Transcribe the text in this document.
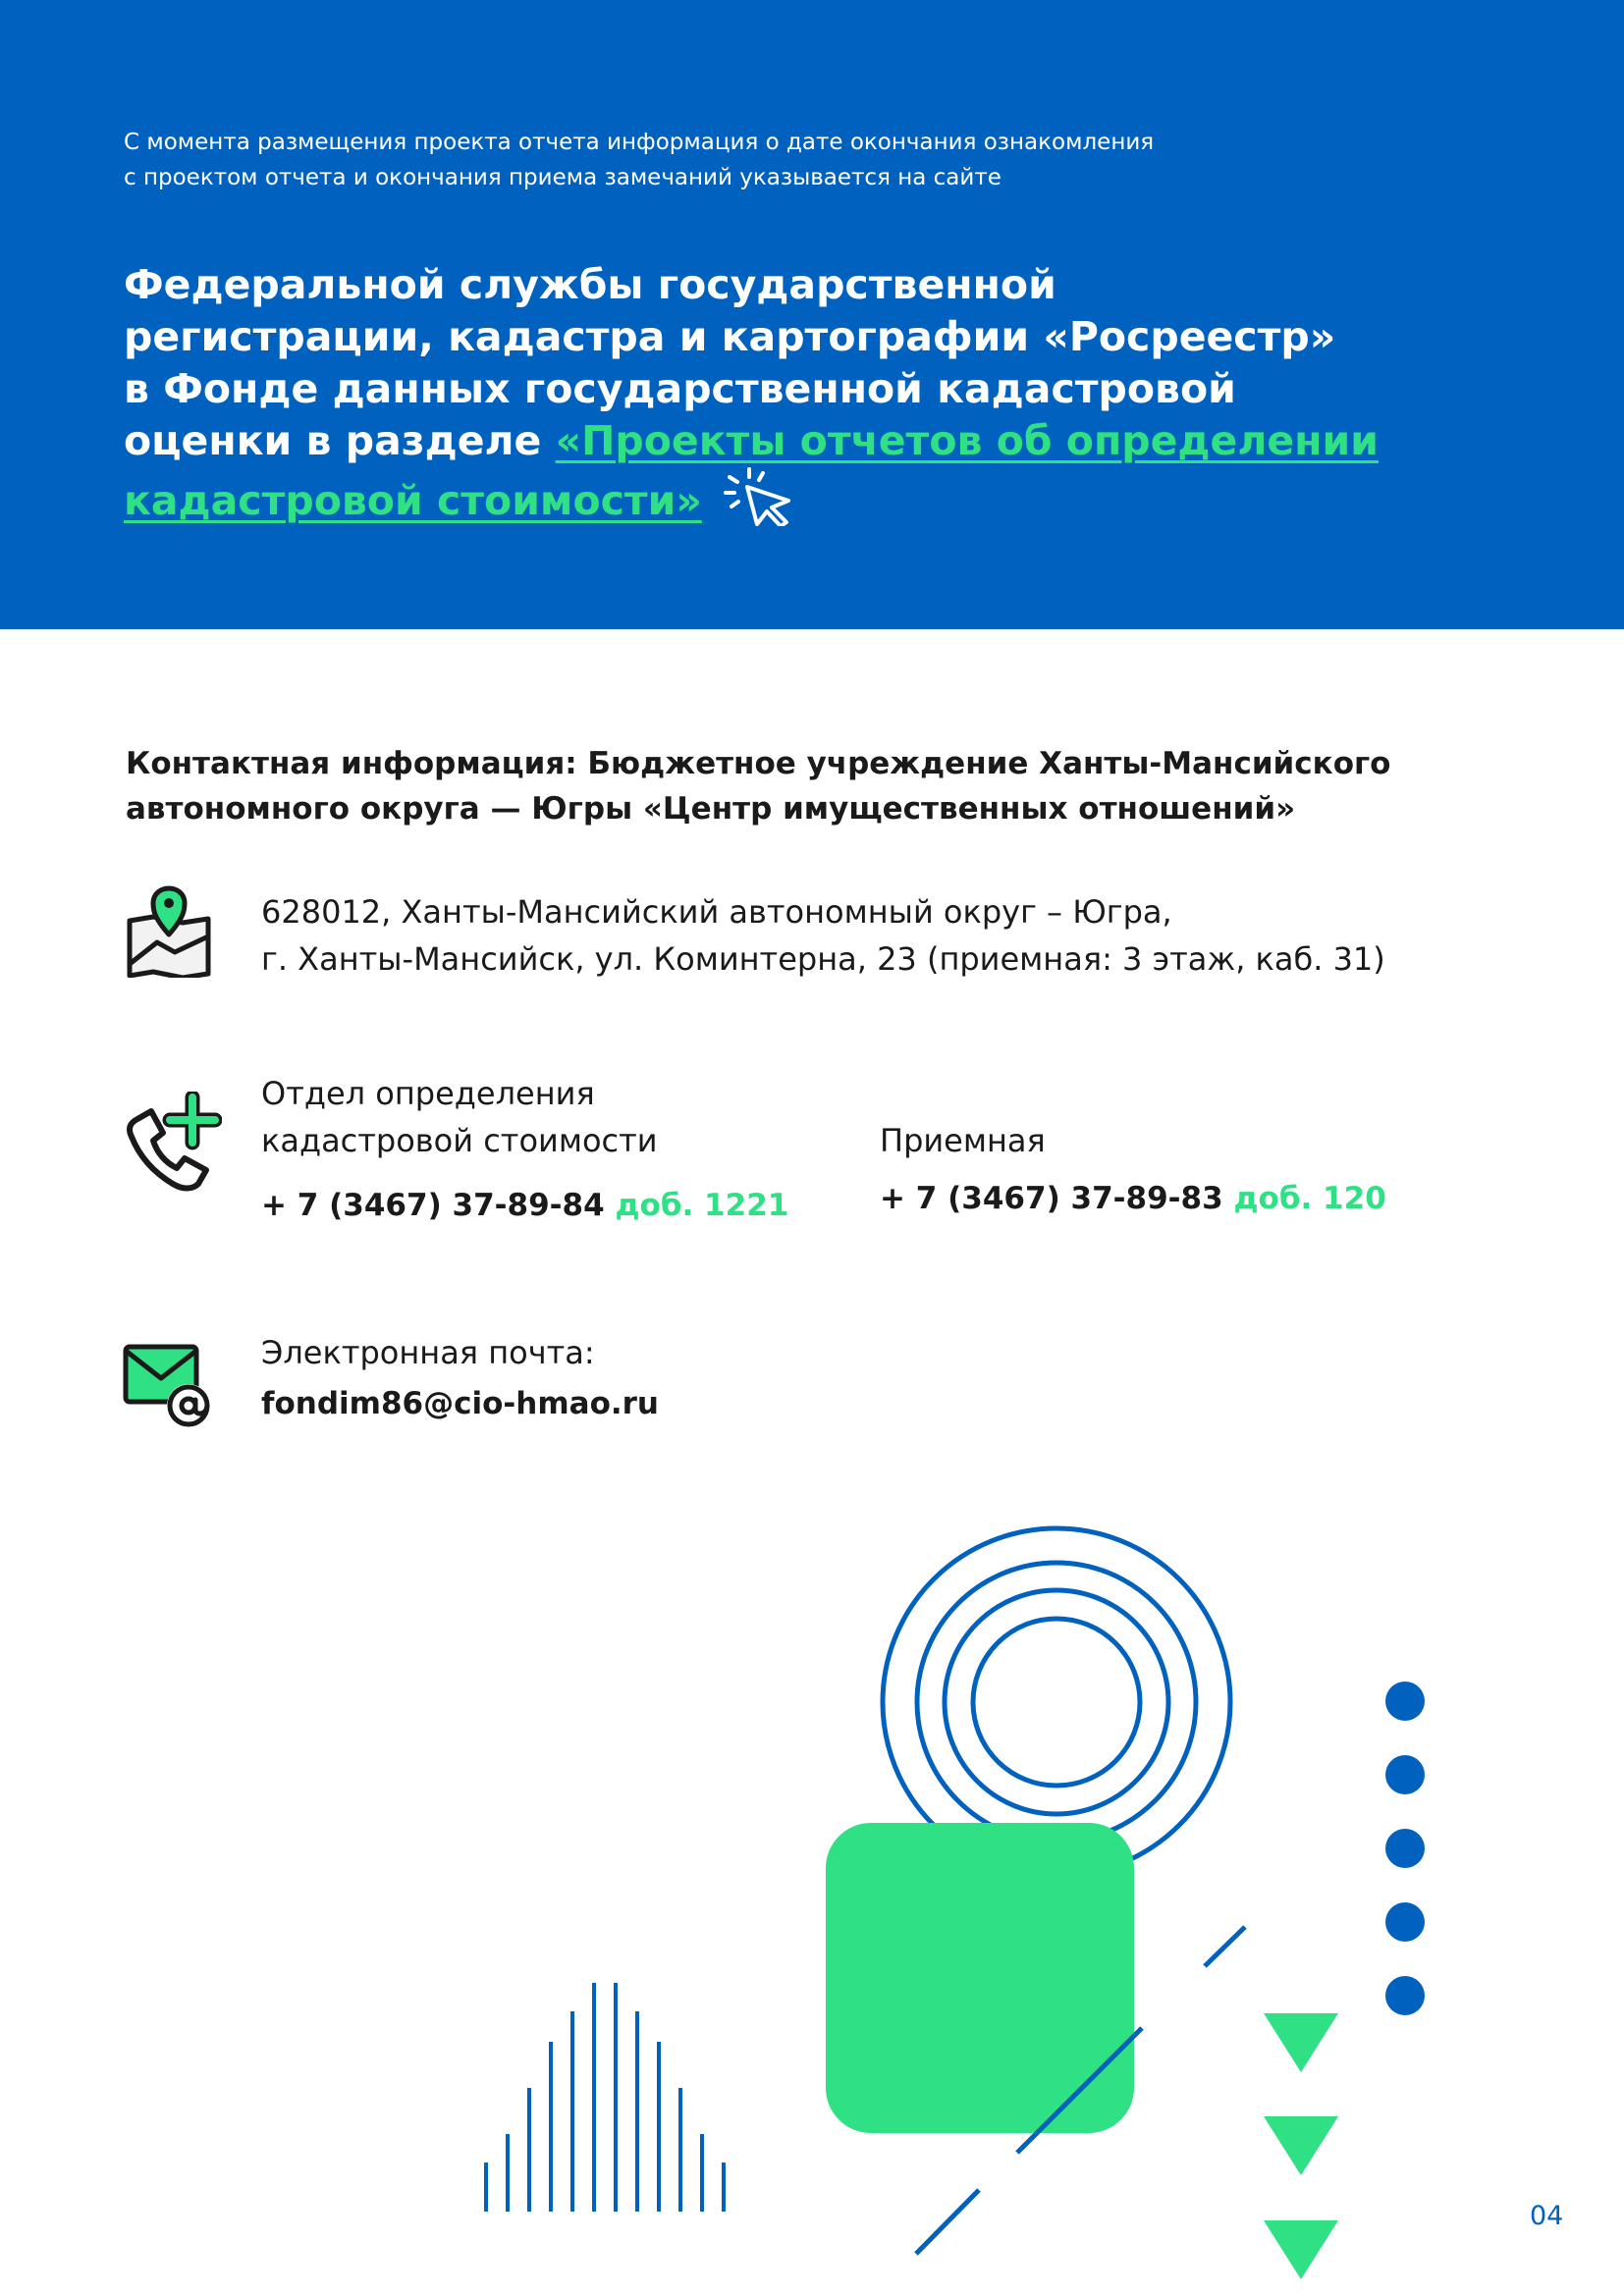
С момента размещения проекта отчета информация о дате окончания ознакомления
с проектом отчета и окончания приема замечаний указывается на сайте
Федеральной службы государственной
регистрации, кадастра и картографии «Росреестр»
в Фонде данных государственной кадастровой
оценки в разделе «Проекты отчетов об определении
кадастровой стоимости»
Контактная информация: Бюджетное учреждение Ханты-Мансийского
автономного округа — Югры «Центр имущественных отношений»
628012, Ханты-Мансийский автономный округ – Югра,
г. Ханты-Мансийск, ул. Коминтерна, 23 (приемная: 3 этаж, каб. 31)
Отдел определения
кадастровой стоимости
+ 7 (3467) 37-89-84 доб. 1221
Приемная
+ 7 (3467) 37-89-83 доб. 120
Электронная почта:
fondim86@cio-hmao.ru
04
